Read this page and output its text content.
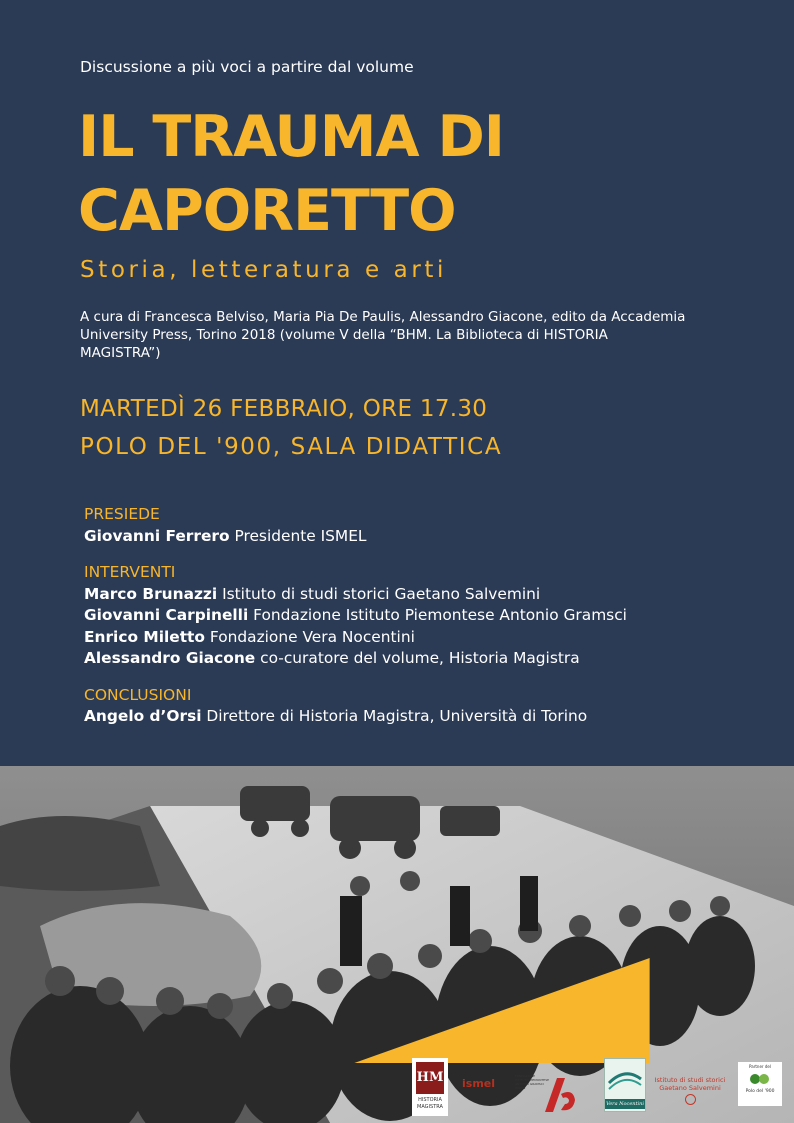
Discussione a più voci a partire dal volume
IL TRAUMA DI
CAPORETTO
Storia, letteratura e arti
A cura di Francesca Belviso, Maria Pia De Paulis, Alessandro Giacone, edito da Accademia University Press, Torino 2018 (volume V della “BHM. La Biblioteca di HISTORIA MAGISTRA”)
MARTEDÌ 26 FEBBRAIO, ORE 17.30
POLO DEL '900, SALA DIDATTICA
PRESIEDE
Giovanni Ferrero Presidente ISMEL
INTERVENTI
Marco Brunazzi Istituto di studi storici Gaetano Salvemini
Giovanni Carpinelli Fondazione Istituto Piemontese Antonio Gramsci
Enrico Miletto Fondazione Vera Nocentini
Alessandro Giacone co-curatore del volume, Historia Magistra
CONCLUSIONI
Angelo d’Orsi Direttore di Historia Magistra, Università di Torino
HM
HISTORIA
MAGISTRA
ismel
FONDAZIONE ISTITUTO PIEMONTESE ANTONIO GRAMSCI ONLUS
Vera Nocentini
Istituto di studi storici
Gaetano Salvemini
Partner del
Polo del '900
